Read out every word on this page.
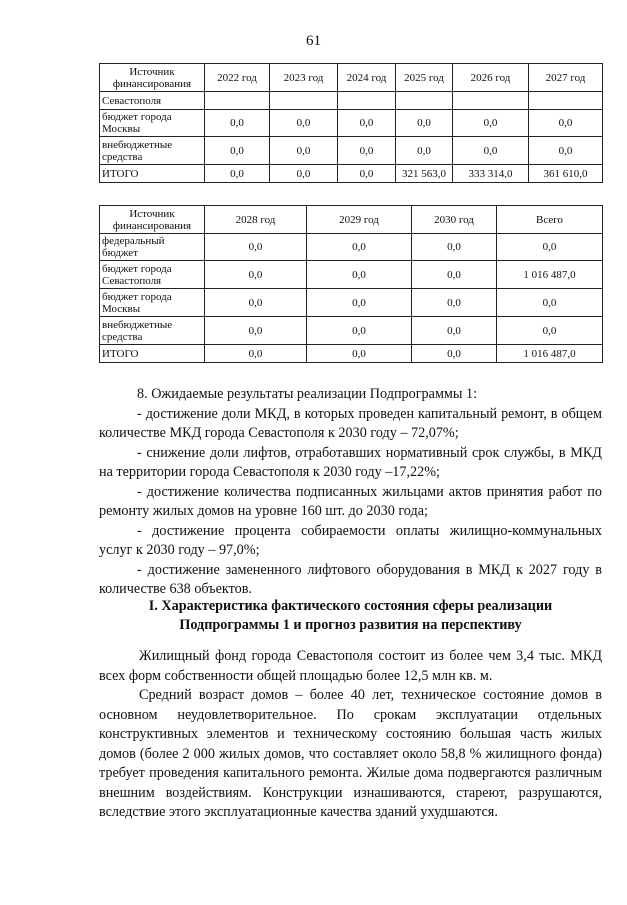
61
Источник финансирования	2022 год	2023 год	2024 год	2025 год	2026 год	2027 год
Севастополя						
бюджет города Москвы	0,0	0,0	0,0	0,0	0,0	0,0
внебюджетные средства	0,0	0,0	0,0	0,0	0,0	0,0
ИТОГО	0,0	0,0	0,0	321 563,0	333 314,0	361 610,0
Источник финансирования	2028 год	2029 год	2030 год	Всего
федеральный бюджет	0,0	0,0	0,0	0,0
бюджет города Севастополя	0,0	0,0	0,0	1 016 487,0
бюджет города Москвы	0,0	0,0	0,0	0,0
внебюджетные средства	0,0	0,0	0,0	0,0
ИТОГО	0,0	0,0	0,0	1 016 487,0

8. Ожидаемые результаты реализации Подпрограммы 1:

- достижение доли МКД, в которых проведен капитальный ремонт, в общем количестве МКД города Севастополя к 2030 году – 72,07%;

- снижение доли лифтов, отработавших нормативный срок службы, в МКД на территории города Севастополя к 2030 году –17,22%;

- достижение количества подписанных жильцами актов принятия работ по ремонту жилых домов на уровне 160 шт. до 2030 года;

- достижение процента собираемости оплаты жилищно-коммунальных услуг к 2030 году – 97,0%;

- достижение замененного лифтового оборудования в МКД к 2027 году в количестве 638 объектов.

I. Характеристика фактического состояния сферы реализации
Подпрограммы 1 и прогноз развития на перспективу

Жилищный фонд города Севастополя состоит из более чем 3,4 тыс. МКД всех форм собственности общей площадью более 12,5 млн кв. м.

Средний возраст домов – более 40 лет, техническое состояние домов в основном неудовлетворительное. По срокам эксплуатации отдельных конструктивных элементов и техническому состоянию большая часть жилых домов (более 2 000 жилых домов, что составляет около 58,8 % жилищного фонда) требует проведения капитального ремонта. Жилые дома подвергаются различным внешним воздействиям. Конструкции изнашиваются, стареют, разрушаются, вследствие этого эксплуатационные качества зданий ухудшаются.
